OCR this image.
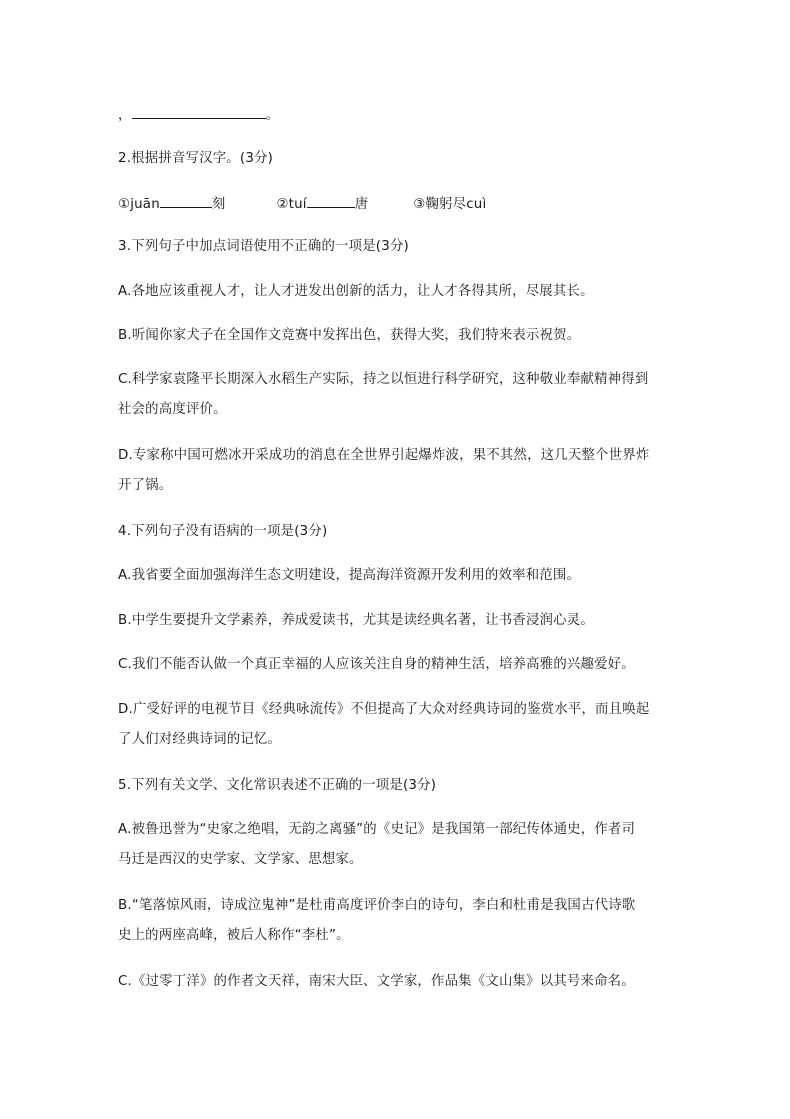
，	。
2.根据拼音写汉字。(3分)
①juān	刻	②tuí	唐	③鞠躬尽cuì
3.下列句子中加点词语使用不正确的一项是(3分)
A.各地应该重视人才，让人才迸发出创新的活力，让人才各得其所，尽展其长。
B.听闻你家犬子在全国作文竞赛中发挥出色，获得大奖，我们特来表示祝贺。
C.科学家袁隆平长期深入水稻生产实际，持之以恒进行科学研究，这种敬业奉献精神得到
社会的高度评价。
D.专家称中国可燃冰开采成功的消息在全世界引起爆炸波，果不其然，这几天整个世界炸
开了锅。
4.下列句子没有语病的一项是(3分)
A.我省要全面加强海洋生态文明建设，提高海洋资源开发利用的效率和范围。
B.中学生要提升文学素养，养成爱读书，尤其是读经典名著，让书香浸润心灵。
C.我们不能否认做一个真正幸福的人应该关注自身的精神生活，培养高雅的兴趣爱好。
D.广受好评的电视节目《经典咏流传》不但提高了大众对经典诗词的鉴赏水平，而且唤起
了人们对经典诗词的记忆。
5.下列有关文学、文化常识表述不正确的一项是(3分)
A.被鲁迅誉为“史家之绝唱，无韵之离骚”的《史记》是我国第一部纪传体通史，作者司
马迁是西汉的史学家、文学家、思想家。
B.“笔落惊风雨，诗成泣鬼神”是杜甫高度评价李白的诗句，李白和杜甫是我国古代诗歌
史上的两座高峰，被后人称作“李杜”。
C.《过零丁洋》的作者文天祥，南宋大臣、文学家，作品集《文山集》以其号来命名。
